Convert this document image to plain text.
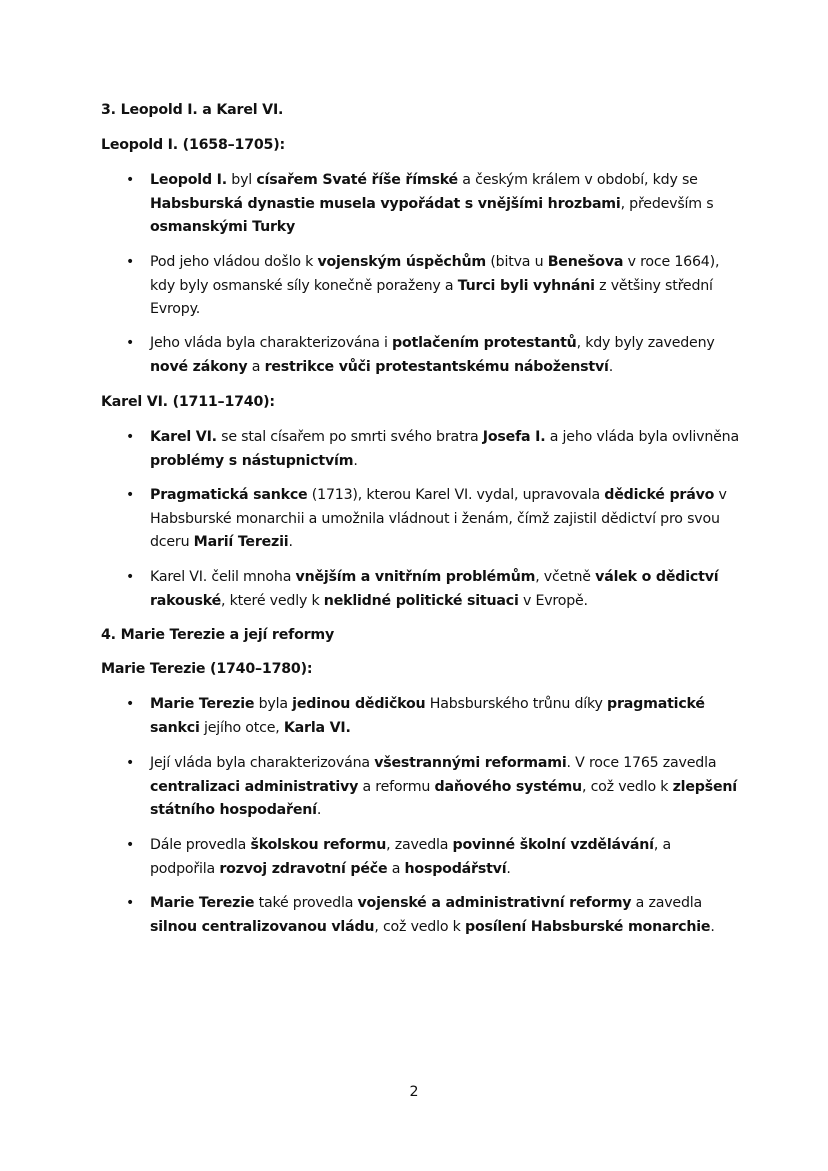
3. Leopold I. a Karel VI.
Leopold I. (1658–1705):
• Leopold I. byl císařem Svaté říše římské a českým králem v období, kdy se Habsburská dynastie musela vypořádat s vnějšími hrozbami, především s osmanskými Turky
• Pod jeho vládou došlo k vojenským úspěchům (bitva u Benešova v roce 1664), kdy byly osmanské síly konečně poraženy a Turci byli vyhnáni z většiny střední Evropy.
• Jeho vláda byla charakterizována i potlačením protestantů, kdy byly zavedeny nové zákony a restrikce vůči protestantskému náboženství.
Karel VI. (1711–1740):
• Karel VI. se stal císařem po smrti svého bratra Josefa I. a jeho vláda byla ovlivněna problémy s nástupnictvím.
• Pragmatická sankce (1713), kterou Karel VI. vydal, upravovala dědické právo v Habsburské monarchii a umožnila vládnout i ženám, čímž zajistil dědictví pro svou dceru Marií Terezii.
• Karel VI. čelil mnoha vnějším a vnitřním problémům, včetně válek o dědictví rakouské, které vedly k neklidné politické situaci v Evropě.
4. Marie Terezie a její reformy
Marie Terezie (1740–1780):
• Marie Terezie byla jedinou dědičkou Habsburského trůnu díky pragmatické sankci jejího otce, Karla VI.
• Její vláda byla charakterizována všestrannými reformami. V roce 1765 zavedla centralizaci administrativy a reformu daňového systému, což vedlo k zlepšení státního hospodaření.
• Dále provedla školskou reformu, zavedla povinné školní vzdělávání, a podpořila rozvoj zdravotní péče a hospodářství.
• Marie Terezie také provedla vojenské a administrativní reformy a zavedla silnou centralizovanou vládu, což vedlo k posílení Habsburské monarchie.
2
